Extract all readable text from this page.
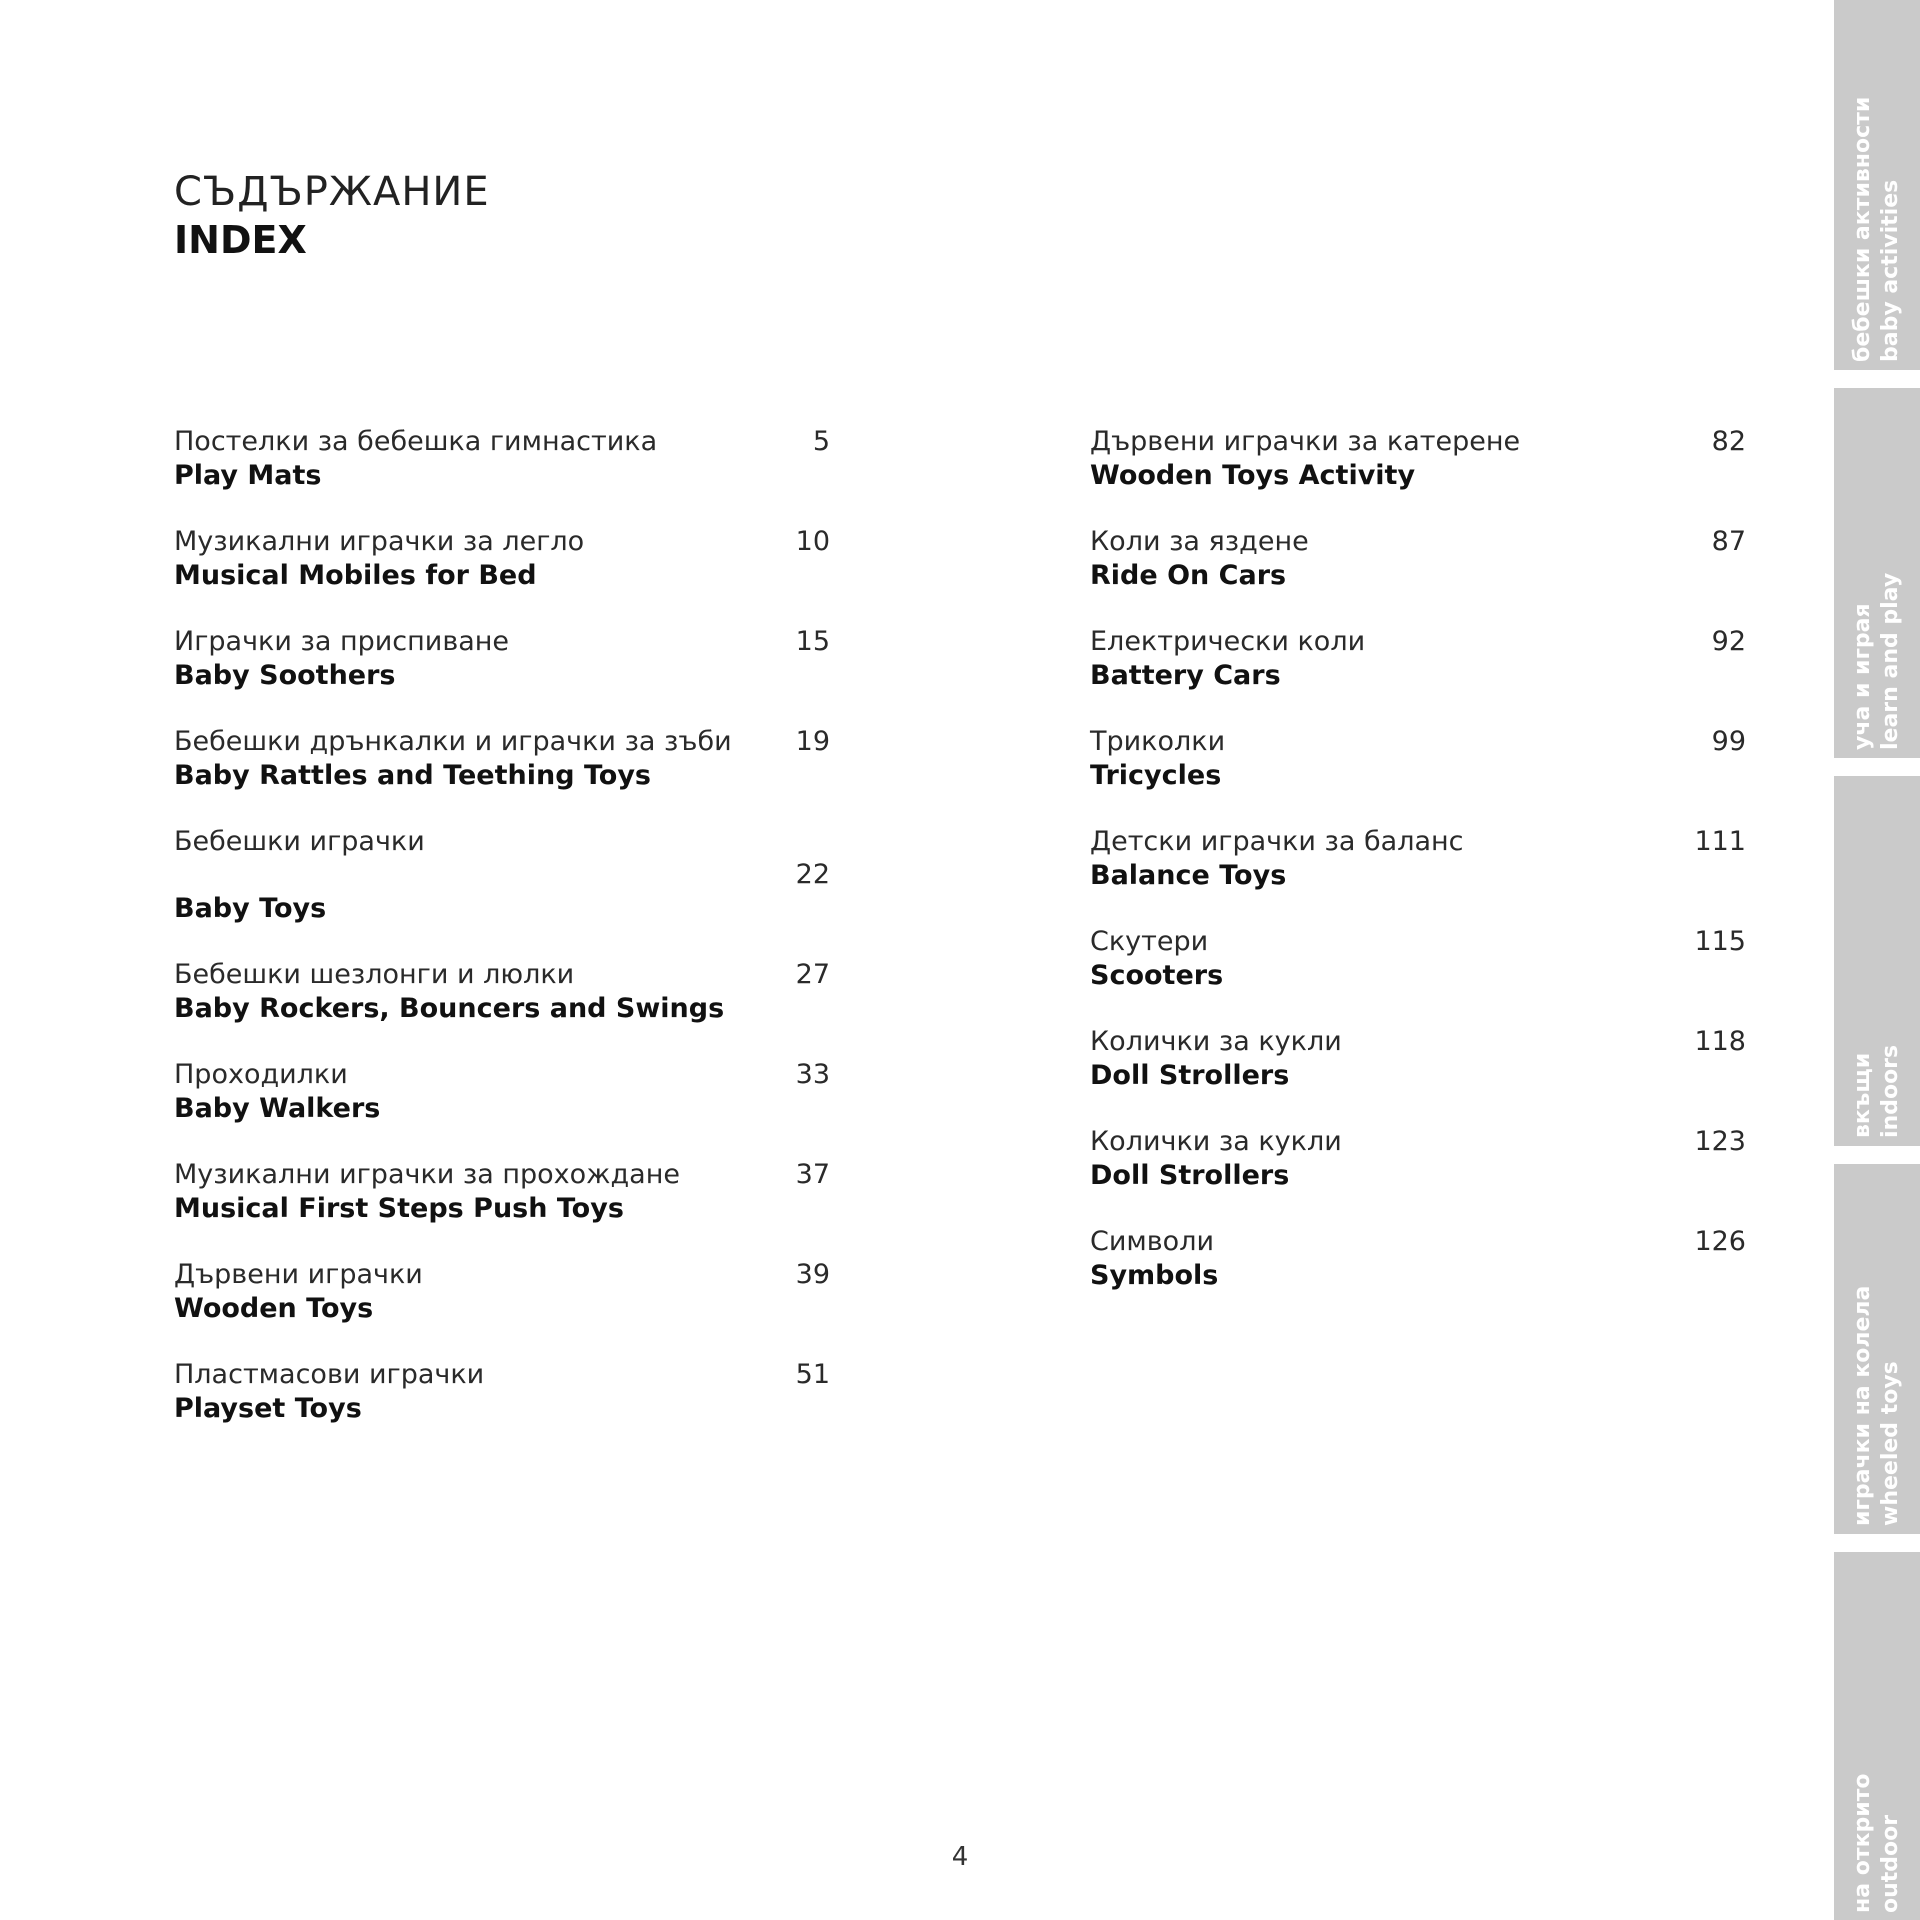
СЪДЪРЖАНИЕ
INDEX
Постелки за бебешка гимнастика
Play Mats
5
Музикални играчки за легло
Musical Mobiles for Bed
10
Играчки за приспиване
Baby Soothers
15
Бебешки дрънкалки и играчки за зъби
Baby Rattles and Teething Toys
19
Бебешки играчки
Baby Toys
22
Бебешки шезлонги и люлки
Baby Rockers, Bouncers and Swings
27
Проходилки
Baby Walkers
33
Музикални играчки за прохождане
Musical First Steps Push Toys
37
Дървени играчки
Wooden Toys
39
Пластмасови играчки
Playset Toys
51
Дървени играчки за катерене
Wooden Toys Activity
82
Коли за яздене
Ride On Cars
87
Електрически коли
Battery Cars
92
Триколки
Tricycles
99
Детски играчки за баланс
Balance Toys
111
Скутери
Scooters
115
Колички за кукли
Doll Strollers
118
Колички за кукли
Doll Strollers
123
Символи
Symbols
126
бебешки активности baby activities
уча и играя learn and play
вкъщи indoors
играчки на колела wheeled toys
на открито outdoor
4
